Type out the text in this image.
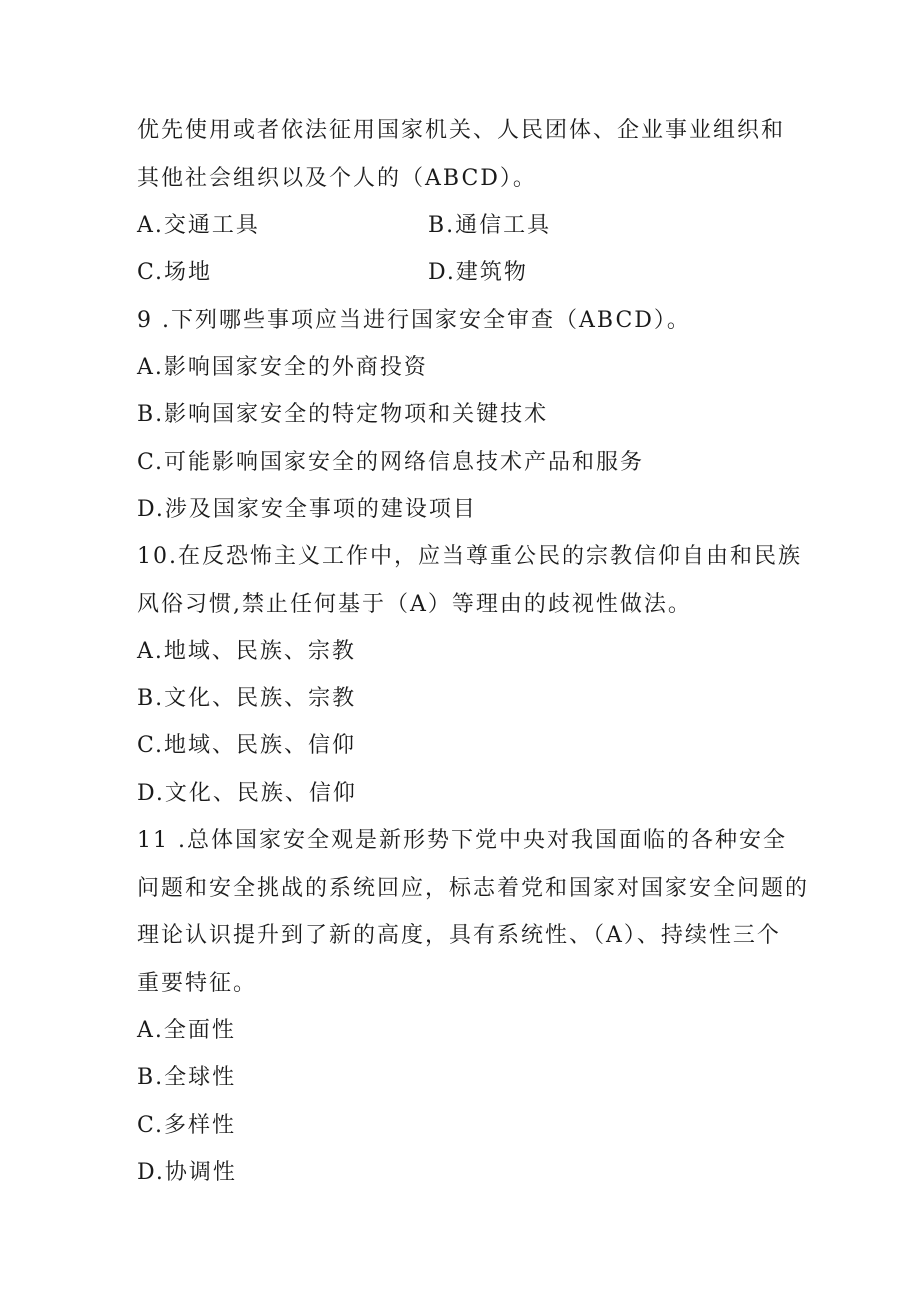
优先使用或者依法征用国家机关、人民团体、企业事业组织和
其他社会组织以及个人的（ABCD）。
A.交通工具	B.通信工具
C.场地	D.建筑物
9 .下列哪些事项应当进行国家安全审查（ABCD）。
A.影响国家安全的外商投资
B.影响国家安全的特定物项和关键技术
C.可能影响国家安全的网络信息技术产品和服务
D.涉及国家安全事项的建设项目
10.在反恐怖主义工作中，应当尊重公民的宗教信仰自由和民族
风俗习惯,禁止任何基于（A）等理由的歧视性做法。
A.地域、民族、宗教
B.文化、民族、宗教
C.地域、民族、信仰
D.文化、民族、信仰
11 .总体国家安全观是新形势下党中央对我国面临的各种安全
问题和安全挑战的系统回应，标志着党和国家对国家安全问题的
理论认识提升到了新的高度，具有系统性、（A）、持续性三个
重要特征。
A.全面性
B.全球性
C.多样性
D.协调性
